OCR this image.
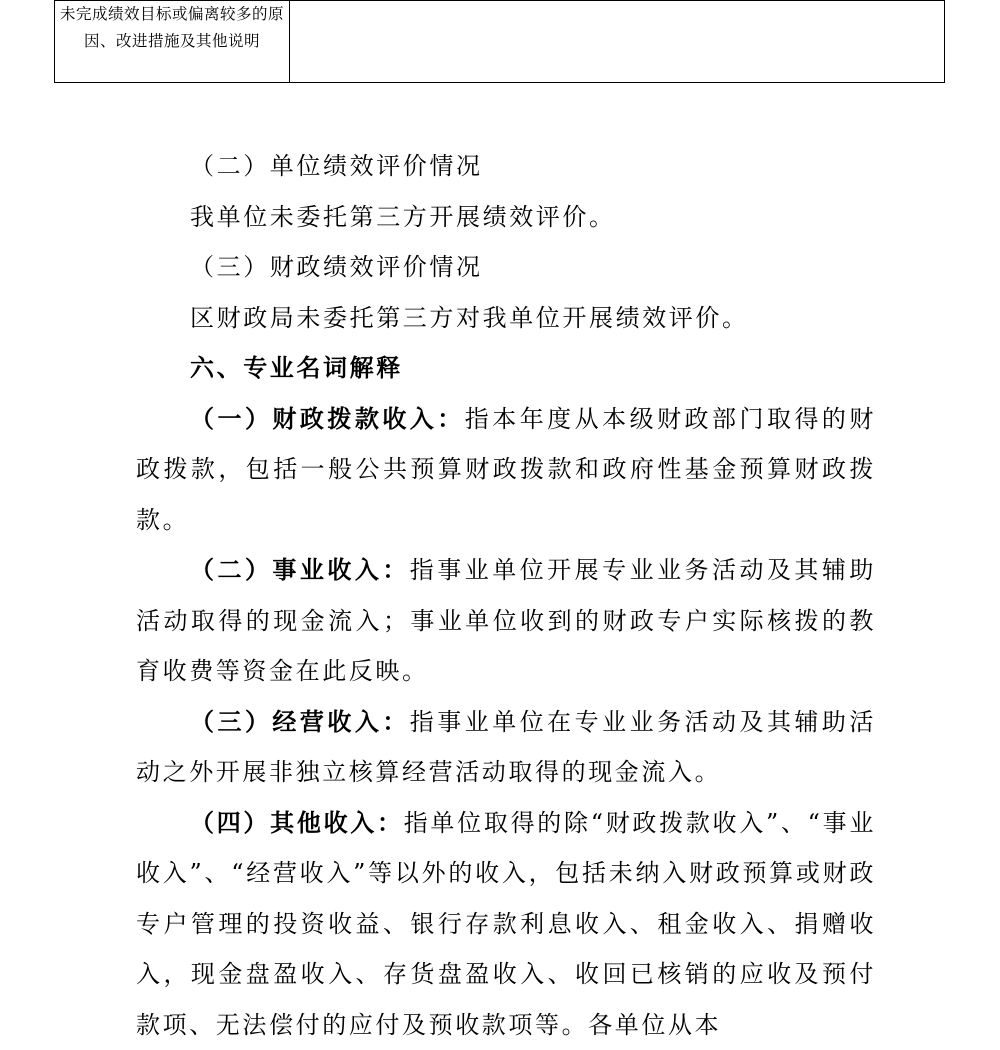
未完成绩效目标或偏离较多的原因、改进措施及其他说明

（二）单位绩效评价情况

我单位未委托第三方开展绩效评价。

（三）财政绩效评价情况

区财政局未委托第三方对我单位开展绩效评价。

六、专业名词解释

（一）财政拨款收入：指本年度从本级财政部门取得的财政拨款，包括一般公共预算财政拨款和政府性基金预算财政拨款。

（二）事业收入：指事业单位开展专业业务活动及其辅助活动取得的现金流入；事业单位收到的财政专户实际核拨的教育收费等资金在此反映。

（三）经营收入：指事业单位在专业业务活动及其辅助活动之外开展非独立核算经营活动取得的现金流入。

（四）其他收入：指单位取得的除“财政拨款收入”、“事业收入”、“经营收入”等以外的收入，包括未纳入财政预算或财政专户管理的投资收益、银行存款利息收入、租金收入、捐赠收入，现金盘盈收入、存货盘盈收入、收回已核销的应收及预付款项、无法偿付的应付及预收款项等。各单位从本
